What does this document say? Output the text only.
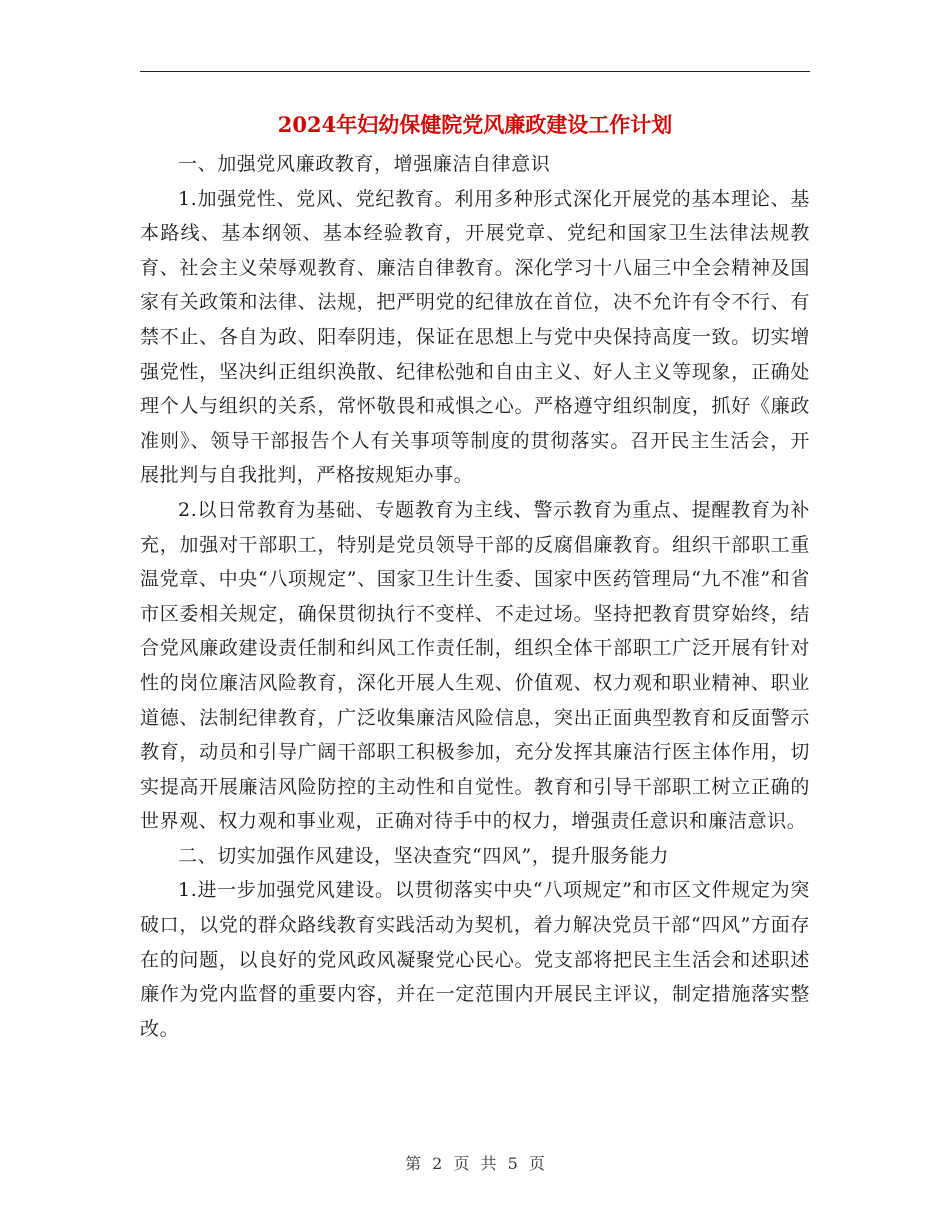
2024年妇幼保健院党风廉政建设工作计划

一、加强党风廉政教育，增强廉洁自律意识

1.加强党性、党风、党纪教育。利用多种形式深化开展党的基本理论、基本路线、基本纲领、基本经验教育，开展党章、党纪和国家卫生法律法规教育、社会主义荣辱观教育、廉洁自律教育。深化学习十八届三中全会精神及国家有关政策和法律、法规，把严明党的纪律放在首位，决不允许有令不行、有禁不止、各自为政、阳奉阴违，保证在思想上与党中央保持高度一致。切实增强党性，坚决纠正组织涣散、纪律松弛和自由主义、好人主义等现象，正确处理个人与组织的关系，常怀敬畏和戒惧之心。严格遵守组织制度，抓好《廉政准则》、领导干部报告个人有关事项等制度的贯彻落实。召开民主生活会，开展批判与自我批判，严格按规矩办事。

2.以日常教育为基础、专题教育为主线、警示教育为重点、提醒教育为补充，加强对干部职工，特别是党员领导干部的反腐倡廉教育。组织干部职工重温党章、中央“八项规定”、国家卫生计生委、国家中医药管理局“九不准”和省市区委相关规定，确保贯彻执行不变样、不走过场。坚持把教育贯穿始终，结合党风廉政建设责任制和纠风工作责任制，组织全体干部职工广泛开展有针对性的岗位廉洁风险教育，深化开展人生观、价值观、权力观和职业精神、职业道德、法制纪律教育，广泛收集廉洁风险信息，突出正面典型教育和反面警示教育，动员和引导广阔干部职工积极参加，充分发挥其廉洁行医主体作用，切实提高开展廉洁风险防控的主动性和自觉性。教育和引导干部职工树立正确的世界观、权力观和事业观，正确对待手中的权力，增强责任意识和廉洁意识。

二、切实加强作风建设，坚决查究“四风”，提升服务能力

1.进一步加强党风建设。以贯彻落实中央“八项规定”和市区文件规定为突破口，以党的群众路线教育实践活动为契机，着力解决党员干部“四风”方面存在的问题，以良好的党风政风凝聚党心民心。党支部将把民主生活会和述职述廉作为党内监督的重要内容，并在一定范围内开展民主评议，制定措施落实整改。

第 2 页 共 5 页
